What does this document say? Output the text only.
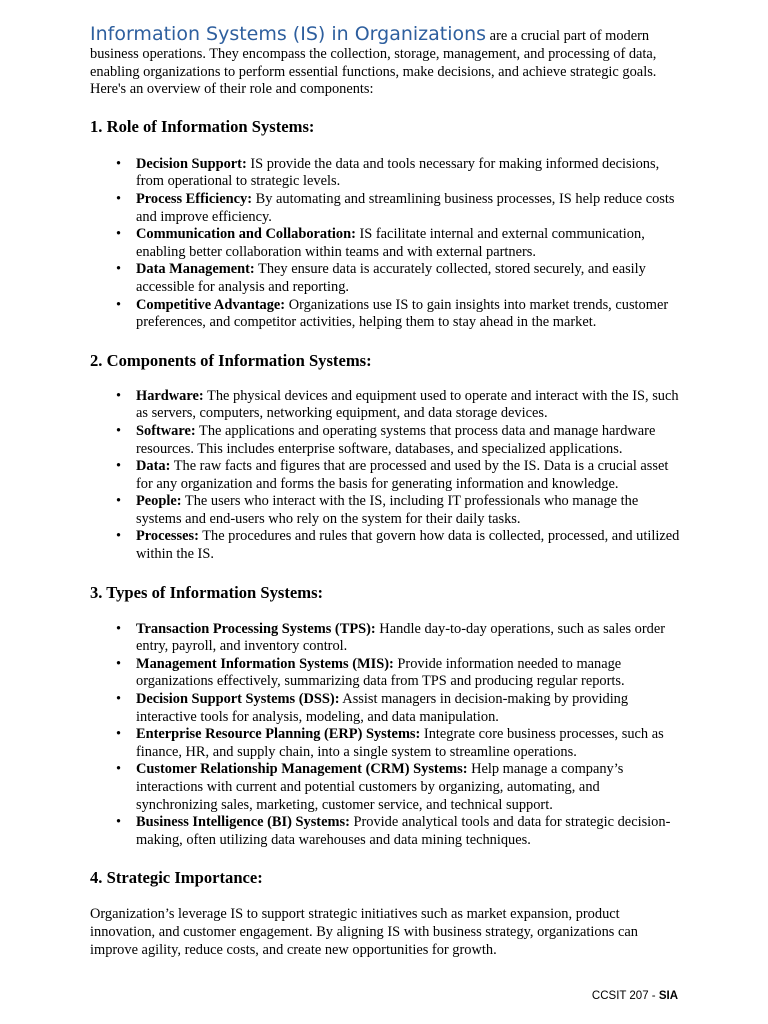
Information Systems (IS) in Organizations are a crucial part of modern business operations. They encompass the collection, storage, management, and processing of data, enabling organizations to perform essential functions, make decisions, and achieve strategic goals. Here's an overview of their role and components:

1. Role of Information Systems:
• Decision Support: IS provide the data and tools necessary for making informed decisions, from operational to strategic levels.
• Process Efficiency: By automating and streamlining business processes, IS help reduce costs and improve efficiency.
• Communication and Collaboration: IS facilitate internal and external communication, enabling better collaboration within teams and with external partners.
• Data Management: They ensure data is accurately collected, stored securely, and easily accessible for analysis and reporting.
• Competitive Advantage: Organizations use IS to gain insights into market trends, customer preferences, and competitor activities, helping them to stay ahead in the market.
2. Components of Information Systems:
• Hardware: The physical devices and equipment used to operate and interact with the IS, such as servers, computers, networking equipment, and data storage devices.
• Software: The applications and operating systems that process data and manage hardware resources. This includes enterprise software, databases, and specialized applications.
• Data: The raw facts and figures that are processed and used by the IS. Data is a crucial asset for any organization and forms the basis for generating information and knowledge.
• People: The users who interact with the IS, including IT professionals who manage the systems and end-users who rely on the system for their daily tasks.
• Processes: The procedures and rules that govern how data is collected, processed, and utilized within the IS.
3. Types of Information Systems:
• Transaction Processing Systems (TPS): Handle day-to-day operations, such as sales order entry, payroll, and inventory control.
• Management Information Systems (MIS): Provide information needed to manage organizations effectively, summarizing data from TPS and producing regular reports.
• Decision Support Systems (DSS): Assist managers in decision-making by providing interactive tools for analysis, modeling, and data manipulation.
• Enterprise Resource Planning (ERP) Systems: Integrate core business processes, such as finance, HR, and supply chain, into a single system to streamline operations.
• Customer Relationship Management (CRM) Systems: Help manage a company’s interactions with current and potential customers by organizing, automating, and synchronizing sales, marketing, customer service, and technical support.
• Business Intelligence (BI) Systems: Provide analytical tools and data for strategic decision-making, often utilizing data warehouses and data mining techniques.
4. Strategic Importance:

Organization’s leverage IS to support strategic initiatives such as market expansion, product innovation, and customer engagement. By aligning IS with business strategy, organizations can improve agility, reduce costs, and create new opportunities for growth.

CCSIT 207 - SIA
